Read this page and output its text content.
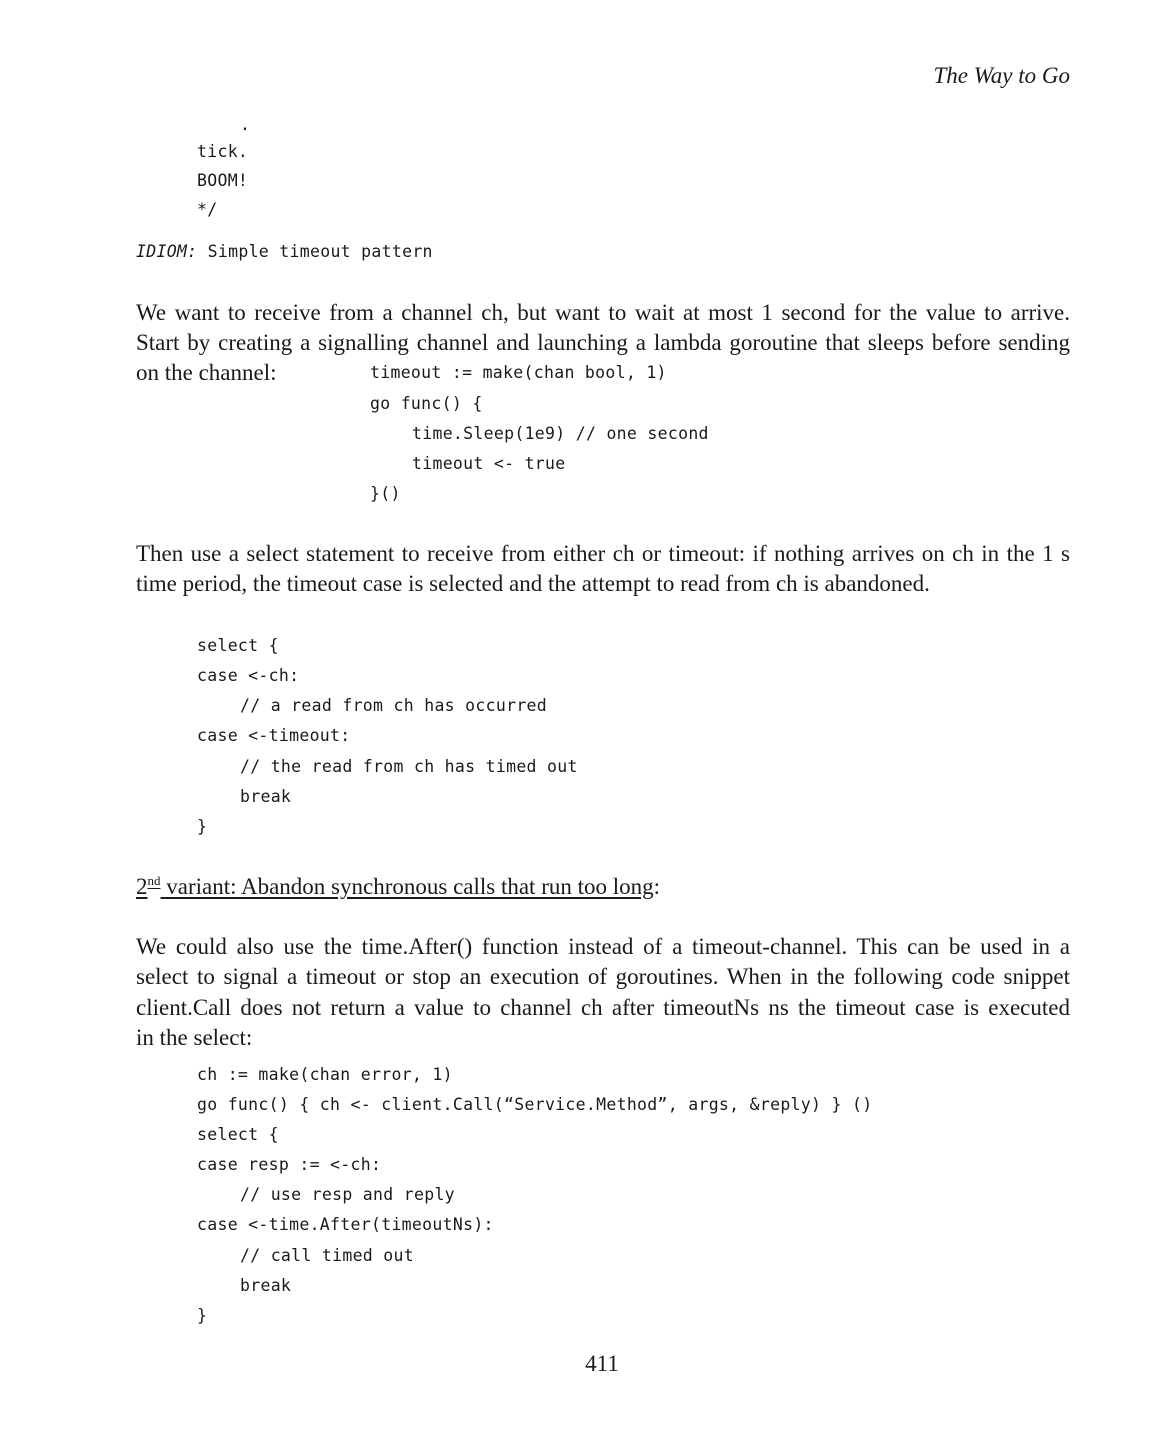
The Way to Go
.
tick.
BOOM!
*/
IDIOM: Simple timeout pattern
We want to receive from a channel ch, but want to wait at most 1 second for the value to arrive.
Start by creating a signalling channel and launching a lambda goroutine that sleeps before sending
on the channel:	timeout := make(chan bool, 1)
go func() {
time.Sleep(1e9) // one second
timeout <- true
}()
Then use a select statement to receive from either ch or timeout: if nothing arrives on ch in the 1 s
time period, the timeout case is selected and the attempt to read from ch is abandoned.
select {
case <-ch:
// a read from ch has occurred
case <-timeout:
// the read from ch has timed out
break
}
2nd variant: Abandon synchronous calls that run too long:
We could also use the time.After() function instead of a timeout-channel. This can be used in a
select to signal a timeout or stop an execution of goroutines. When in the following code snippet
client.Call does not return a value to channel ch after timeoutNs ns the timeout case is executed
in the select:
ch := make(chan error, 1)
go func() { ch <- client.Call(“Service.Method”, args, &reply) } ()
select {
case resp := <-ch:
// use resp and reply
case <-time.After(timeoutNs):
// call timed out
break
}
411
